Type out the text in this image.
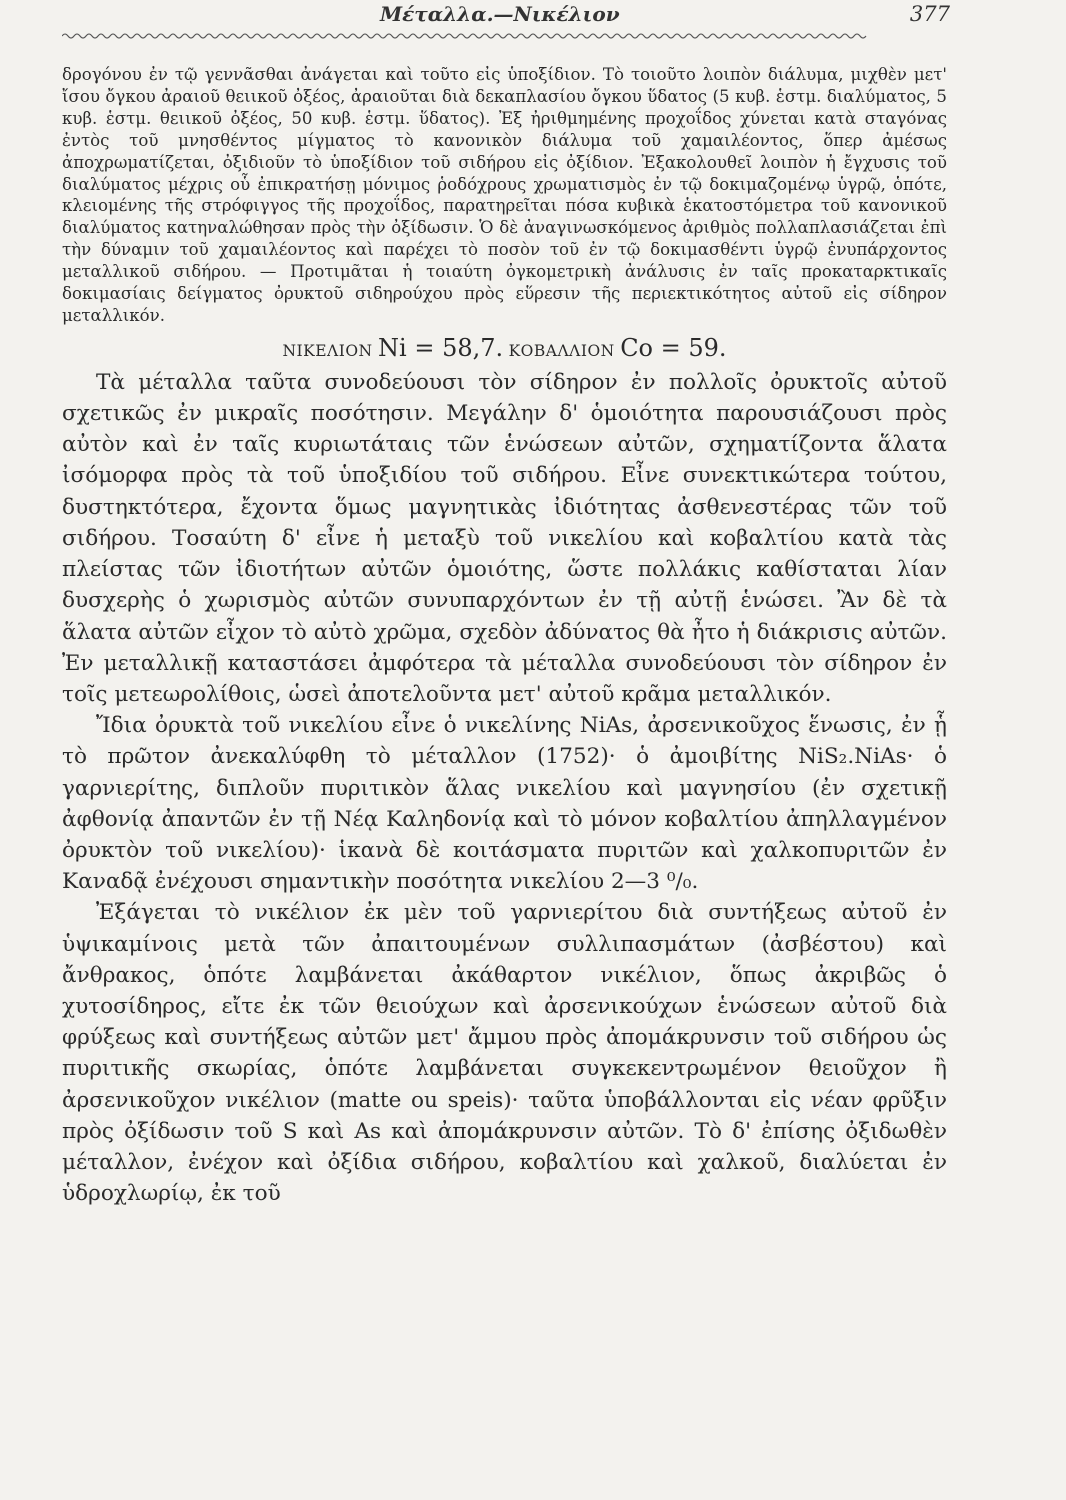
Μέταλλα.—Νικέλιον	377

δρογόνου ἐν τῷ γεννᾶσθαι ἀνάγεται καὶ τοῦτο εἰς ὑποξίδιον. Τὸ τοιοῦτο λοιπὸν διάλυμα, μιχθὲν μετ' ἴσου ὄγκου ἀραιοῦ θειικοῦ ὀξέος, ἀραιοῦται διὰ δεκαπλασίου ὄγκου ὕδατος (5 κυβ. ἑστμ. διαλύματος, 5 κυβ. ἑστμ. θειικοῦ ὀξέος, 50 κυβ. ἑστμ. ὕδατος). Ἐξ ἠριθμημένης προχοΐδος χύνεται κατὰ σταγόνας ἐντὸς τοῦ μνησθέντος μίγματος τὸ κανονικὸν διάλυμα τοῦ χαμαιλέοντος, ὅπερ ἀμέσως ἀποχρωματίζεται, ὀξιδιοῦν τὸ ὑποξίδιον τοῦ σιδήρου εἰς ὀξίδιον. Ἐξακολουθεῖ λοιπὸν ἡ ἔγχυσις τοῦ διαλύματος μέχρις οὗ ἐπικρατήσῃ μόνιμος ῥοδόχρους χρωματισμὸς ἐν τῷ δοκιμαζομένῳ ὑγρῷ, ὁπότε, κλειομένης τῆς στρόφιγγος τῆς προχοΐδος, παρατηρεῖται πόσα κυβικὰ ἑκατοστόμετρα τοῦ κανονικοῦ διαλύματος κατηναλώθησαν πρὸς τὴν ὀξίδωσιν. Ὁ δὲ ἀναγινωσκόμενος ἀριθμὸς πολλαπλασιάζεται ἐπὶ τὴν δύναμιν τοῦ χαμαιλέοντος καὶ παρέχει τὸ ποσὸν τοῦ ἐν τῷ δοκιμασθέντι ὑγρῷ ἐνυπάρχοντος μεταλλικοῦ σιδήρου. — Προτιμᾶται ἡ τοιαύτη ὀγκομετρικὴ ἀνάλυσις ἐν ταῖς προκαταρκτικαῖς δοκιμασίαις δείγματος ὀρυκτοῦ σιδηρούχου πρὸς εὕρεσιν τῆς περιεκτικότητος αὐτοῦ εἰς σίδηρον μεταλλικόν.

ΝΙΚΕΛΙΟΝ Ni = 58,7. ΚΟΒΑΛΛΙΟΝ Co = 59.

Τὰ μέταλλα ταῦτα συνοδεύουσι τὸν σίδηρον ἐν πολλοῖς ὀρυκτοῖς αὐτοῦ σχετικῶς ἐν μικραῖς ποσότησιν. Μεγάλην δ' ὁμοιότητα παρουσιάζουσι πρὸς αὐτὸν καὶ ἐν ταῖς κυριωτάταις τῶν ἑνώσεων αὐτῶν, σχηματίζοντα ἅλατα ἰσόμορφα πρὸς τὰ τοῦ ὑποξιδίου τοῦ σιδήρου. Εἶνε συνεκτικώτερα τούτου, δυστηκτότερα, ἔχοντα ὅμως μαγνητικὰς ἰδιότητας ἀσθενεστέρας τῶν τοῦ σιδήρου. Τοσαύτη δ' εἶνε ἡ μεταξὺ τοῦ νικελίου καὶ κοβαλτίου κατὰ τὰς πλείστας τῶν ἰδιοτήτων αὐτῶν ὁμοιότης, ὥστε πολλάκις καθίσταται λίαν δυσχερὴς ὁ χωρισμὸς αὐτῶν συνυπαρχόντων ἐν τῇ αὐτῇ ἑνώσει. Ἂν δὲ τὰ ἅλατα αὐτῶν εἶχον τὸ αὐτὸ χρῶμα, σχεδὸν ἀδύνατος θὰ ἦτο ἡ διάκρισις αὐτῶν. Ἐν μεταλλικῇ καταστάσει ἀμφότερα τὰ μέταλλα συνοδεύουσι τὸν σίδηρον ἐν τοῖς μετεωρολίθοις, ὡσεὶ ἀποτελοῦντα μετ' αὐτοῦ κρᾶμα μεταλλικόν.

Ἴδια ὀρυκτὰ τοῦ νικελίου εἶνε ὁ νικελίνης NiAs, ἀρσενικοῦχος ἕνωσις, ἐν ᾗ τὸ πρῶτον ἀνεκαλύφθη τὸ μέταλλον (1752)· ὁ ἀμοιβίτης NiS₂.NiAs· ὁ γαρνιερίτης, διπλοῦν πυριτικὸν ἅλας νικελίου καὶ μαγνησίου (ἐν σχετικῇ ἀφθονίᾳ ἀπαντῶν ἐν τῇ Νέᾳ Καληδονίᾳ καὶ τὸ μόνον κοβαλτίου ἀπηλλαγμένον ὀρυκτὸν τοῦ νικελίου)· ἱκανὰ δὲ κοιτάσματα πυριτῶν καὶ χαλκοπυριτῶν ἐν Καναδᾷ ἐνέχουσι σημαντικὴν ποσότητα νικελίου 2—3 ⁰/₀.

Ἐξάγεται τὸ νικέλιον ἐκ μὲν τοῦ γαρνιερίτου διὰ συντήξεως αὐτοῦ ἐν ὑψικαμίνοις μετὰ τῶν ἀπαιτουμένων συλλιπασμάτων (ἀσβέστου) καὶ ἄνθρακος, ὁπότε λαμβάνεται ἀκάθαρτον νικέλιον, ὅπως ἀκριβῶς ὁ χυτοσίδηρος, εἴτε ἐκ τῶν θειούχων καὶ ἀρσενικούχων ἑνώσεων αὐτοῦ διὰ φρύξεως καὶ συντήξεως αὐτῶν μετ' ἄμμου πρὸς ἀπομάκρυνσιν τοῦ σιδήρου ὡς πυριτικῆς σκωρίας, ὁπότε λαμβάνεται συγκεκεντρωμένον θειοῦχον ἢ ἀρσενικοῦχον νικέλιον (matte ou speis)· ταῦτα ὑποβάλλονται εἰς νέαν φρῦξιν πρὸς ὀξίδωσιν τοῦ S καὶ As καὶ ἀπομάκρυνσιν αὐτῶν. Τὸ δ' ἐπίσης ὀξιδωθὲν μέταλλον, ἐνέχον καὶ ὀξίδια σιδήρου, κοβαλτίου καὶ χαλκοῦ, διαλύεται ἐν ὑδροχλωρίῳ, ἐκ τοῦ
